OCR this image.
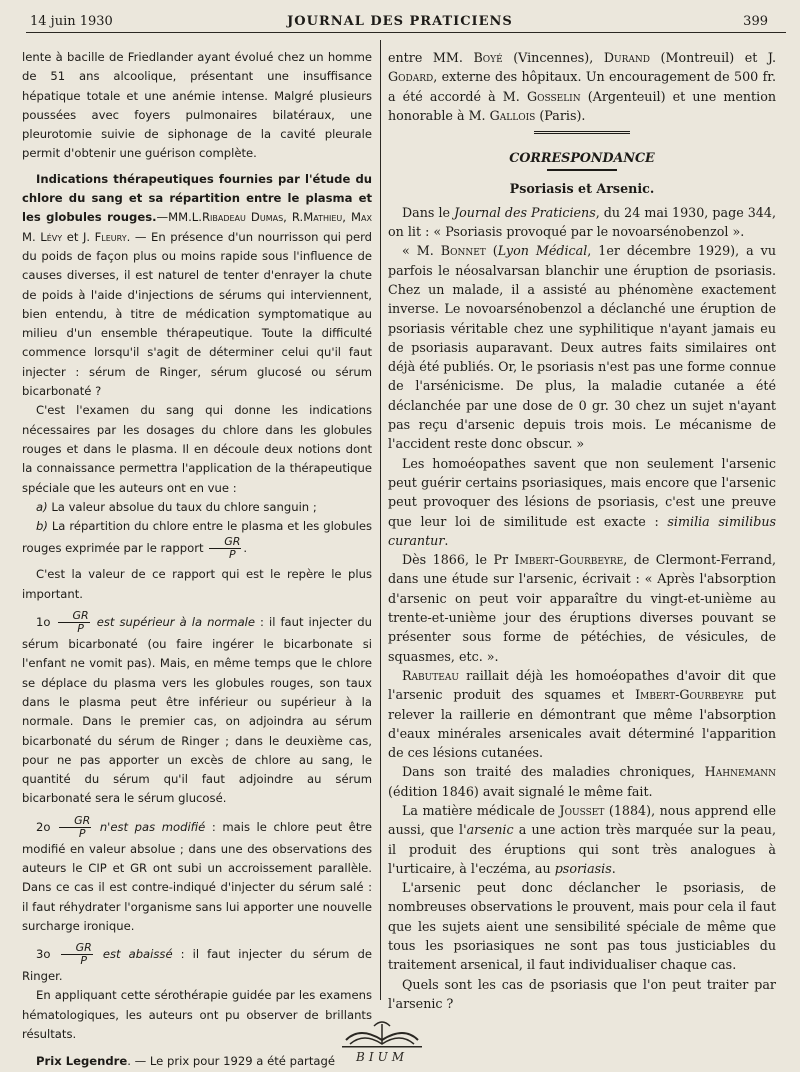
14 juin 1930	JOURNAL DES PRATICIENS	399

lente à bacille de Friedlander ayant évolué chez un homme de 51 ans alcoolique, présentant une insuffisance hépatique totale et une anémie intense. Malgré plusieurs poussées avec foyers pulmonaires bilatéraux, une pleurotomie suivie de siphonage de la cavité pleurale permit d'obtenir une guérison complète.

Indications thérapeutiques fournies par l'étude du chlore du sang et sa répartition entre le plasma et les globules rouges.—MM.L.Ribadeau Dumas, R.Mathieu, Max M. Lévy et J. Fleury. — En présence d'un nourrisson qui perd du poids de façon plus ou moins rapide sous l'influence de causes diverses, il est naturel de tenter d'enrayer la chute de poids à l'aide d'injections de sérums qui interviennent, bien entendu, à titre de médication symptomatique au milieu d'un ensemble thérapeutique. Toute la difficulté commence lorsqu'il s'agit de déterminer celui qu'il faut injecter : sérum de Ringer, sérum glucosé ou sérum bicarbonaté ?

C'est l'examen du sang qui donne les indications nécessaires par les dosages du chlore dans les globules rouges et dans le plasma. Il en découle deux notions dont la connaissance permettra l'application de la thérapeutique spéciale que les auteurs ont en vue :

a) La valeur absolue du taux du chlore sanguin ;

b) La répartition du chlore entre le plasma et les globules rouges exprimée par le rapport $\frac{GR}{P}$ .

C'est la valeur de ce rapport qui est le repère le plus important.

$1o \frac{GR}{P}$ est supérieur à la normale : il faut injecter du sérum bicarbonaté (ou faire ingérer le bicarbonate si l'enfant ne vomit pas). Mais, en même temps que le chlore se déplace du plasma vers les globules rouges, son taux dans le plasma peut être inférieur ou supérieur à la normale. Dans le premier cas, on adjoindra au sérum bicarbonaté du sérum de Ringer ; dans le deuxième cas, pour ne pas apporter un excès de chlore au sang, le quantité du sérum qu'il faut adjoindre au sérum bicarbonaté sera le sérum glucosé.

$2o \frac{GR}{P} n'est$ pas modifié : mais le chlore peut être modifié en valeur absolue ; dans une des observations des auteurs le CIP et GR ont subi un accroissement parallèle. Dans ce cas il est contre-indiqué d'injecter du sérum salé : il faut réhydrater l'organisme sans lui apporter une nouvelle surcharge ironique.

$3o \frac{GR}{P}$ est abaissé : il faut injecter du sérum de Ringer.

En appliquant cette sérothérapie guidée par les examens hématologiques, les auteurs ont pu observer de brillants résultats.

Prix Legendre. — Le prix pour 1929 a été partagé

entre MM. Boyé (Vincennes), Durand (Montreuil) et J. Godard, externe des hôpitaux. Un encouragement de 500 fr. a été accordé à M. Gosselin (Argenteuil) et une mention honorable à M. Gallois (Paris).

CORRESPONDANCE
Psoriasis et Arsenic.

Dans le Journal des Praticiens, du 24 mai 1930, page 344, on lit : « Psoriasis provoqué par le novoarsénobenzol ».

« M. Bonnet (Lyon Médical, 1er décembre 1929), a vu parfois le néosalvarsan blanchir une éruption de psoriasis. Chez un malade, il a assisté au phénomène exactement inverse. Le novoarsénobenzol a déclanché une éruption de psoriasis véritable chez une syphilitique n'ayant jamais eu de psoriasis auparavant. Deux autres faits similaires ont déjà été publiés. Or, le psoriasis n'est pas une forme connue de l'arsénicisme. De plus, la maladie cutanée a été déclanchée par une dose de 0 gr. 30 chez un sujet n'ayant pas reçu d'arsenic depuis trois mois. Le mécanisme de l'accident reste donc obscur. »

Les homoéopathes savent que non seulement l'arsenic peut guérir certains psoriasiques, mais encore que l'arsenic peut provoquer des lésions de psoriasis, c'est une preuve que leur loi de similitude est exacte : similia similibus curantur.

Dès 1866, le Pr Imbert-Gourbeyre, de Clermont-Ferrand, dans une étude sur l'arsenic, écrivait : « Après l'absorption d'arsenic on peut voir apparaître du vingt-et-unième au trente-et-unième jour des éruptions diverses pouvant se présenter sous forme de pétéchies, de vésicules, de squasmes, etc. ».

Rabuteau raillait déjà les homoéopathes d'avoir dit que l'arsenic produit des squames et Imbert-Gourbeyre put relever la raillerie en démontrant que même l'absorption d'eaux minérales arsenicales avait déterminé l'apparition de ces lésions cutanées.

Dans son traité des maladies chroniques, Hahnemann (édition 1846) avait signalé le même fait.

La matière médicale de Jousset (1884), nous apprend elle aussi, que l'arsenic a une action très marquée sur la peau, il produit des éruptions qui sont très analogues à l'urticaire, à l'eczéma, au psoriasis.

L'arsenic peut donc déclancher le psoriasis, de nombreuses observations le prouvent, mais pour cela il faut que les sujets aient une sensibilité spéciale de même que tous les psoriasiques ne sont pas tous justiciables du traitement arsenical, il faut individualiser chaque cas.

Quels sont les cas de psoriasis que l'on peut traiter par l'arsenic ?

BIUM
